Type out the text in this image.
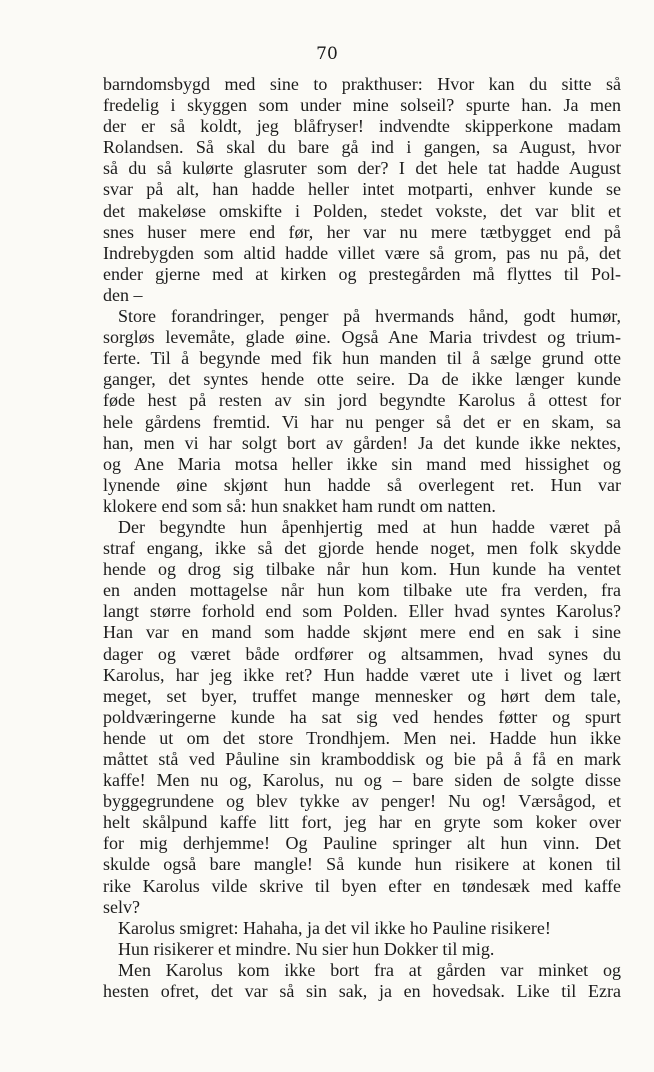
70
barndomsbygd med sine to prakthuser: Hvor kan du sitte så
fredelig i skyggen som under mine solseil? spurte han. Ja men
der er så koldt, jeg blåfryser! indvendte skipperkone madam
Rolandsen. Så skal du bare gå ind i gangen, sa August, hvor
så du så kulørte glasruter som der? I det hele tat hadde August
svar på alt, han hadde heller intet motparti, enhver kunde se
det makeløse omskifte i Polden, stedet vokste, det var blit et
snes huser mere end før, her var nu mere tætbygget end på
Indrebygden som altid hadde villet være så grom, pas nu på, det
ender gjerne med at kirken og prestegården må flyttes til Pol-
den –
Store forandringer, penger på hvermands hånd, godt humør,
sorgløs levemåte, glade øine. Også Ane Maria trivdest og trium-
ferte. Til å begynde med fik hun manden til å sælge grund otte
ganger, det syntes hende otte seire. Da de ikke længer kunde
føde hest på resten av sin jord begyndte Karolus å ottest for
hele gårdens fremtid. Vi har nu penger så det er en skam, sa
han, men vi har solgt bort av gården! Ja det kunde ikke nektes,
og Ane Maria motsa heller ikke sin mand med hissighet og
lynende øine skjønt hun hadde så overlegent ret. Hun var
klokere end som så: hun snakket ham rundt om natten.
Der begyndte hun åpenhjertig med at hun hadde været på
straf engang, ikke så det gjorde hende noget, men folk skydde
hende og drog sig tilbake når hun kom. Hun kunde ha ventet
en anden mottagelse når hun kom tilbake ute fra verden, fra
langt større forhold end som Polden. Eller hvad syntes Karolus?
Han var en mand som hadde skjønt mere end en sak i sine
dager og været både ordfører og altsammen, hvad synes du
Karolus, har jeg ikke ret? Hun hadde været ute i livet og lært
meget, set byer, truffet mange mennesker og hørt dem tale,
poldværingerne kunde ha sat sig ved hendes føtter og spurt
hende ut om det store Trondhjem. Men nei. Hadde hun ikke
måttet stå ved Påuline sin kramboddisk og bie på å få en mark
kaffe! Men nu og, Karolus, nu og – bare siden de solgte disse
byggegrundene og blev tykke av penger! Nu og! Værsågod, et
helt skålpund kaffe litt fort, jeg har en gryte som koker over
for mig derhjemme! Og Pauline springer alt hun vinn. Det
skulde også bare mangle! Så kunde hun risikere at konen til
rike Karolus vilde skrive til byen efter en tøndesæk med kaffe
selv?
Karolus smigret: Hahaha, ja det vil ikke ho Pauline risikere!
Hun risikerer et mindre. Nu sier hun Dokker til mig.
Men Karolus kom ikke bort fra at gården var minket og
hesten ofret, det var så sin sak, ja en hovedsak. Like til Ezra
